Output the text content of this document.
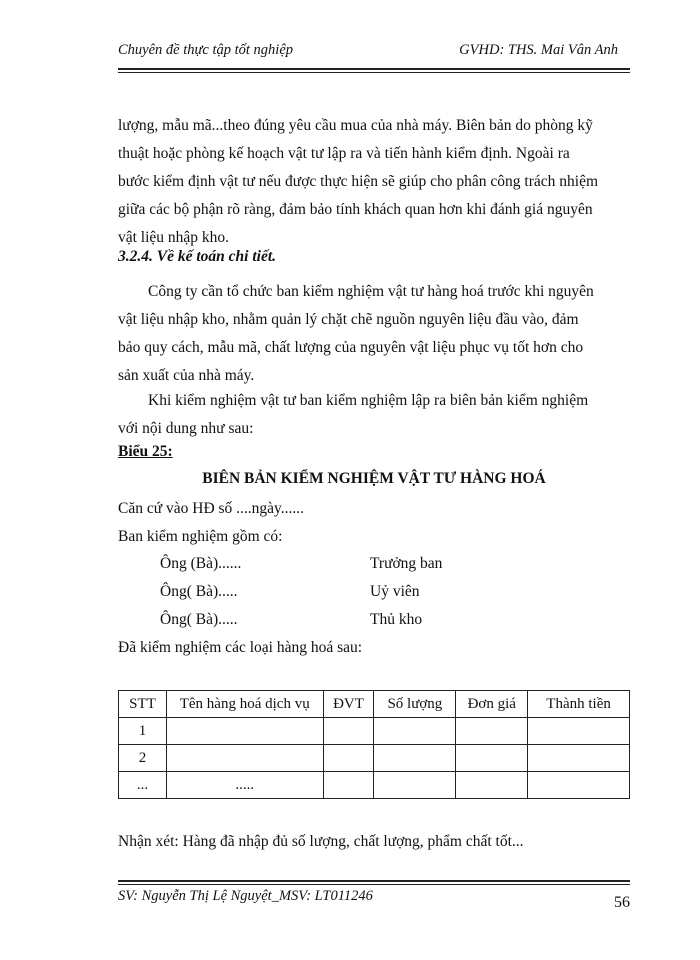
Chuyên đề thực tập tốt nghiệp	GVHD: THS. Mai Vân Anh
lượng, mẫu mã...theo đúng yêu cầu mua của nhà máy. Biên bản do phòng kỹ
thuật hoặc phòng kế hoạch vật tư lập ra và tiến hành kiểm định. Ngoài ra
bước kiểm định vật tư nếu được thực hiện sẽ giúp cho phân công trách nhiệm
giữa các bộ phận rõ ràng, đảm bảo tính khách quan hơn khi đánh giá nguyên
vật liệu nhập kho.
3.2.4. Về kế toán chi tiết.
Công ty cần tổ chức ban kiểm nghiệm vật tư hàng hoá trước khi nguyên
vật liệu nhập kho, nhằm quản lý chặt chẽ nguồn nguyên liệu đầu vào, đảm
bảo quy cách, mẫu mã, chất lượng của nguyên vật liệu phục vụ tốt hơn cho
sản xuất của nhà máy.
Khi kiểm nghiệm vật tư ban kiểm nghiệm lập ra biên bản kiểm nghiệm
với nội dung như sau:
Biểu 25:
BIÊN BẢN KIỂM NGHIỆM VẬT TƯ HÀNG HOÁ
Căn cứ vào HĐ số ....ngày......
Ban kiểm nghiệm gồm có:
Ông (Bà)......	Trưởng ban
Ông( Bà).....	Uỷ viên
Ông( Bà).....	Thủ kho
Đã kiểm nghiệm các loại hàng hoá sau:
STT	Tên hàng hoá dịch vụ	ĐVT	Số lượng	Đơn giá	Thành tiền
1					
2					
...	.....				
Nhận xét: Hàng đã nhập đủ số lượng, chất lượng, phẩm chất tốt...
SV: Nguyễn Thị Lệ Nguyệt_MSV: LT011246	56
